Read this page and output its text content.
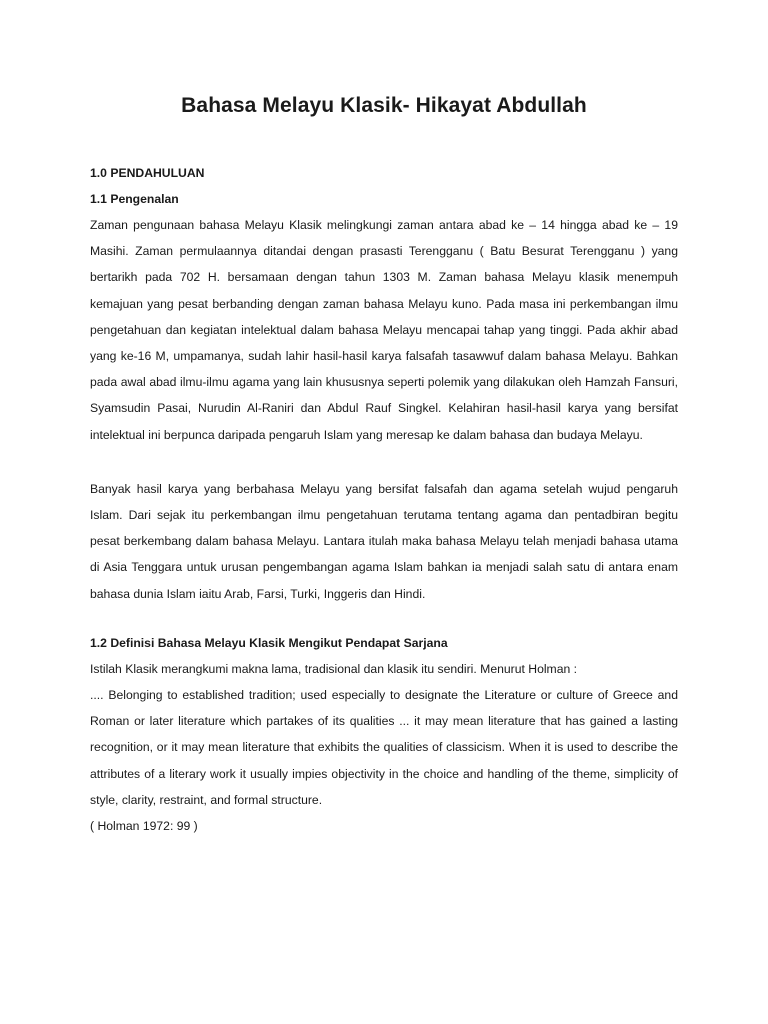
Bahasa Melayu Klasik- Hikayat Abdullah

1.0 PENDAHULUAN

1.1 Pengenalan

Zaman pengunaan bahasa Melayu Klasik melingkungi zaman antara abad ke – 14 hingga abad ke – 19 Masihi. Zaman permulaannya ditandai dengan prasasti Terengganu ( Batu Besurat Terengganu ) yang bertarikh pada 702 H. bersamaan dengan tahun 1303 M. Zaman bahasa Melayu klasik menempuh kemajuan yang pesat berbanding dengan zaman bahasa Melayu kuno. Pada masa ini perkembangan ilmu pengetahuan dan kegiatan intelektual dalam bahasa Melayu mencapai tahap yang tinggi. Pada akhir abad yang ke-16 M, umpamanya, sudah lahir hasil-hasil karya falsafah tasawwuf dalam bahasa Melayu. Bahkan pada awal abad ilmu-ilmu agama yang lain khususnya seperti polemik yang dilakukan oleh Hamzah Fansuri, Syamsudin Pasai, Nurudin Al-Raniri dan Abdul Rauf Singkel. Kelahiran hasil-hasil karya yang bersifat intelektual ini berpunca daripada pengaruh Islam yang meresap ke dalam bahasa dan budaya Melayu.

Banyak hasil karya yang berbahasa Melayu yang bersifat falsafah dan agama setelah wujud pengaruh Islam. Dari sejak itu perkembangan ilmu pengetahuan terutama tentang agama dan pentadbiran begitu pesat berkembang dalam bahasa Melayu. Lantara itulah maka bahasa Melayu telah menjadi bahasa utama di Asia Tenggara untuk urusan pengembangan agama Islam bahkan ia menjadi salah satu di antara enam bahasa dunia Islam iaitu Arab, Farsi, Turki, Inggeris dan Hindi.

1.2 Definisi Bahasa Melayu Klasik Mengikut Pendapat Sarjana

Istilah Klasik merangkumi makna lama, tradisional dan klasik itu sendiri. Menurut Holman :

.... Belonging to established tradition; used especially to designate the Literature or culture of Greece and Roman or later literature which partakes of its qualities ... it may mean literature that has gained a lasting recognition, or it may mean literature that exhibits the qualities of classicism. When it is used to describe the attributes of a literary work it usually impies objectivity in the choice and handling of the theme, simplicity of style, clarity, restraint, and formal structure.

( Holman 1972: 99 )
